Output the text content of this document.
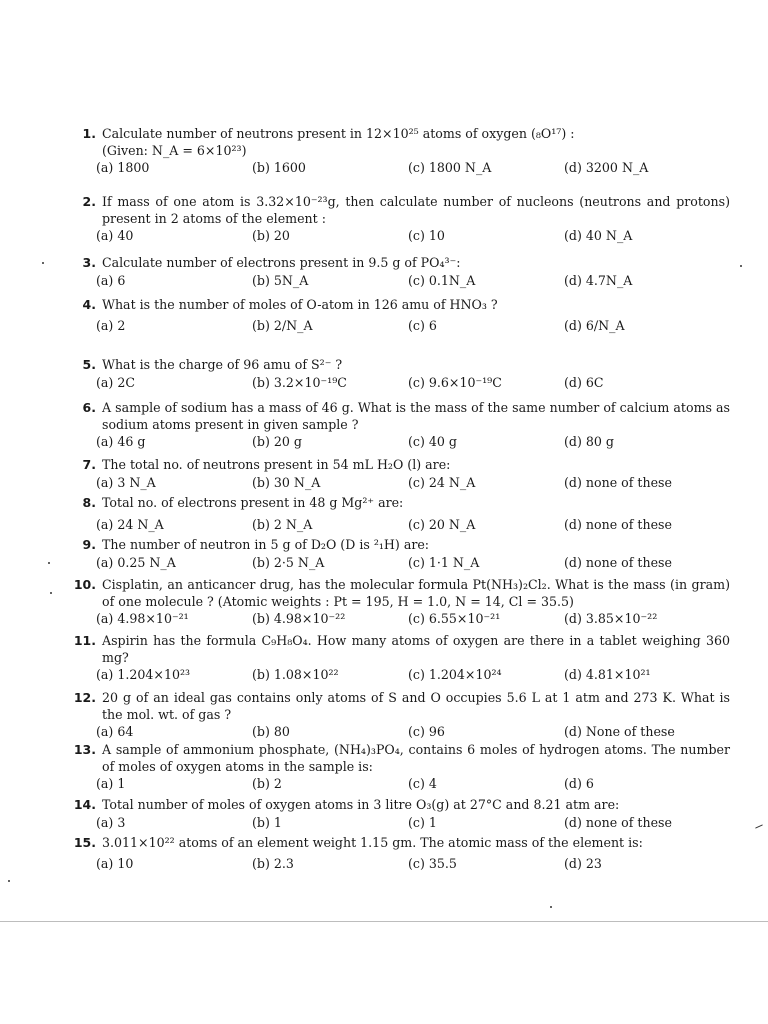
1. Calculate number of neutrons present in 12×10²⁵ atoms of oxygen (₈O¹⁷) :
(Given: N_A = 6×10²³)
(a) 1800	(b) 1600	(c) 1800 N_A	(d) 3200 N_A
2. If mass of one atom is 3.32×10⁻²³g, then calculate number of nucleons (neutrons and protons) present in 2 atoms of the element :
(a) 40	(b) 20	(c) 10	(d) 40 N_A
3. Calculate number of electrons present in 9.5 g of PO₄³⁻:
(a) 6	(b) 5N_A	(c) 0.1N_A	(d) 4.7N_A
4. What is the number of moles of O-atom in 126 amu of HNO₃ ?
(a) 2	(b) 2/N_A	(c) 6	(d) 6/N_A
5. What is the charge of 96 amu of S²⁻ ?
(a) 2C	(b) 3.2×10⁻¹⁹C	(c) 9.6×10⁻¹⁹C	(d) 6C
6. A sample of sodium has a mass of 46 g. What is the mass of the same number of calcium atoms as sodium atoms present in given sample ?
(a) 46 g	(b) 20 g	(c) 40 g	(d) 80 g
7. The total no. of neutrons present in 54 mL H₂O (l) are:
(a) 3 N_A	(b) 30 N_A	(c) 24 N_A	(d) none of these
8. Total no. of electrons present in 48 g Mg²⁺ are:
(a) 24 N_A	(b) 2 N_A	(c) 20 N_A	(d) none of these
9. The number of neutron in 5 g of D₂O (D is ²₁H) are:
(a) 0.25 N_A	(b) 2·5 N_A	(c) 1·1 N_A	(d) none of these
10. Cisplatin, an anticancer drug, has the molecular formula Pt(NH₃)₂Cl₂. What is the mass (in gram) of one molecule ? (Atomic weights : Pt = 195, H = 1.0, N = 14, Cl = 35.5)
(a) 4.98×10⁻²¹	(b) 4.98×10⁻²²	(c) 6.55×10⁻²¹	(d) 3.85×10⁻²²
11. Aspirin has the formula C₉H₈O₄. How many atoms of oxygen are there in a tablet weighing 360 mg?
(a) 1.204×10²³	(b) 1.08×10²²	(c) 1.204×10²⁴	(d) 4.81×10²¹
12. 20 g of an ideal gas contains only atoms of S and O occupies 5.6 L at 1 atm and 273 K. What is the mol. wt. of gas ?
(a) 64	(b) 80	(c) 96	(d) None of these
13. A sample of ammonium phosphate, (NH₄)₃PO₄, contains 6 moles of hydrogen atoms. The number of moles of oxygen atoms in the sample is:
(a) 1	(b) 2	(c) 4	(d) 6
14. Total number of moles of oxygen atoms in 3 litre O₃(g) at 27°C and 8.21 atm are:
(a) 3	(b) 1	(c) 1	(d) none of these
15. 3.011×10²² atoms of an element weight 1.15 gm. The atomic mass of the element is:
(a) 10	(b) 2.3	(c) 35.5	(d) 23
